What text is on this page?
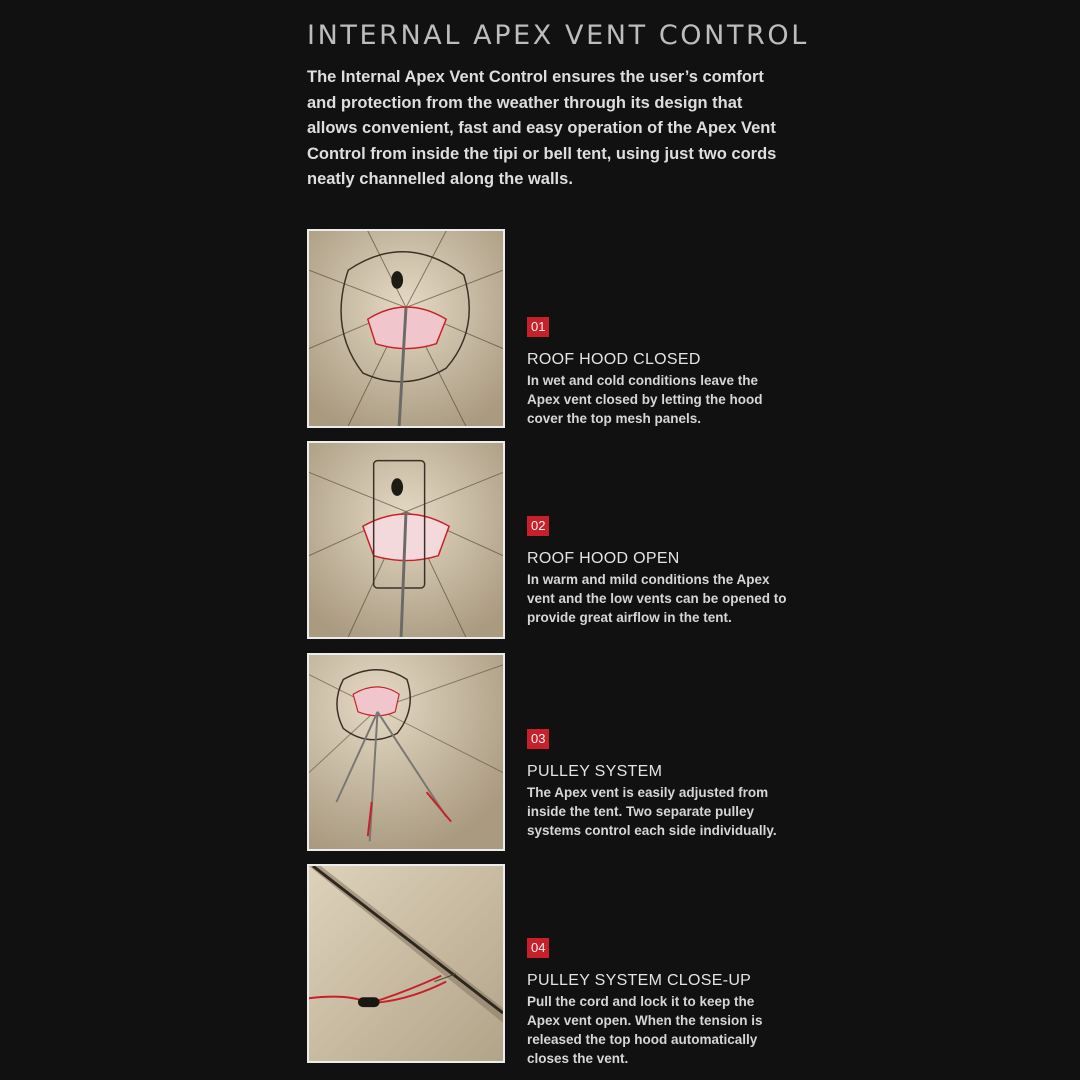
INTERNAL APEX VENT CONTROL

The Internal Apex Vent Control ensures the user’s comfort and protection from the weather through its design that allows convenient, fast and easy operation of the Apex Vent Control from inside the tipi or bell tent, using just two cords neatly channelled along the walls.

01
ROOF HOOD CLOSED

In wet and cold conditions leave the Apex vent closed by letting the hood cover the top mesh panels.

02
ROOF HOOD OPEN

In warm and mild conditions the Apex vent and the low vents can be opened to provide great airflow in the tent.

03
PULLEY SYSTEM

The Apex vent is easily adjusted from inside the tent. Two separate pulley systems control each side individually.

04
PULLEY SYSTEM CLOSE-UP

Pull the cord and lock it to keep the Apex vent open. When the tension is released the top hood automatically closes the vent.
